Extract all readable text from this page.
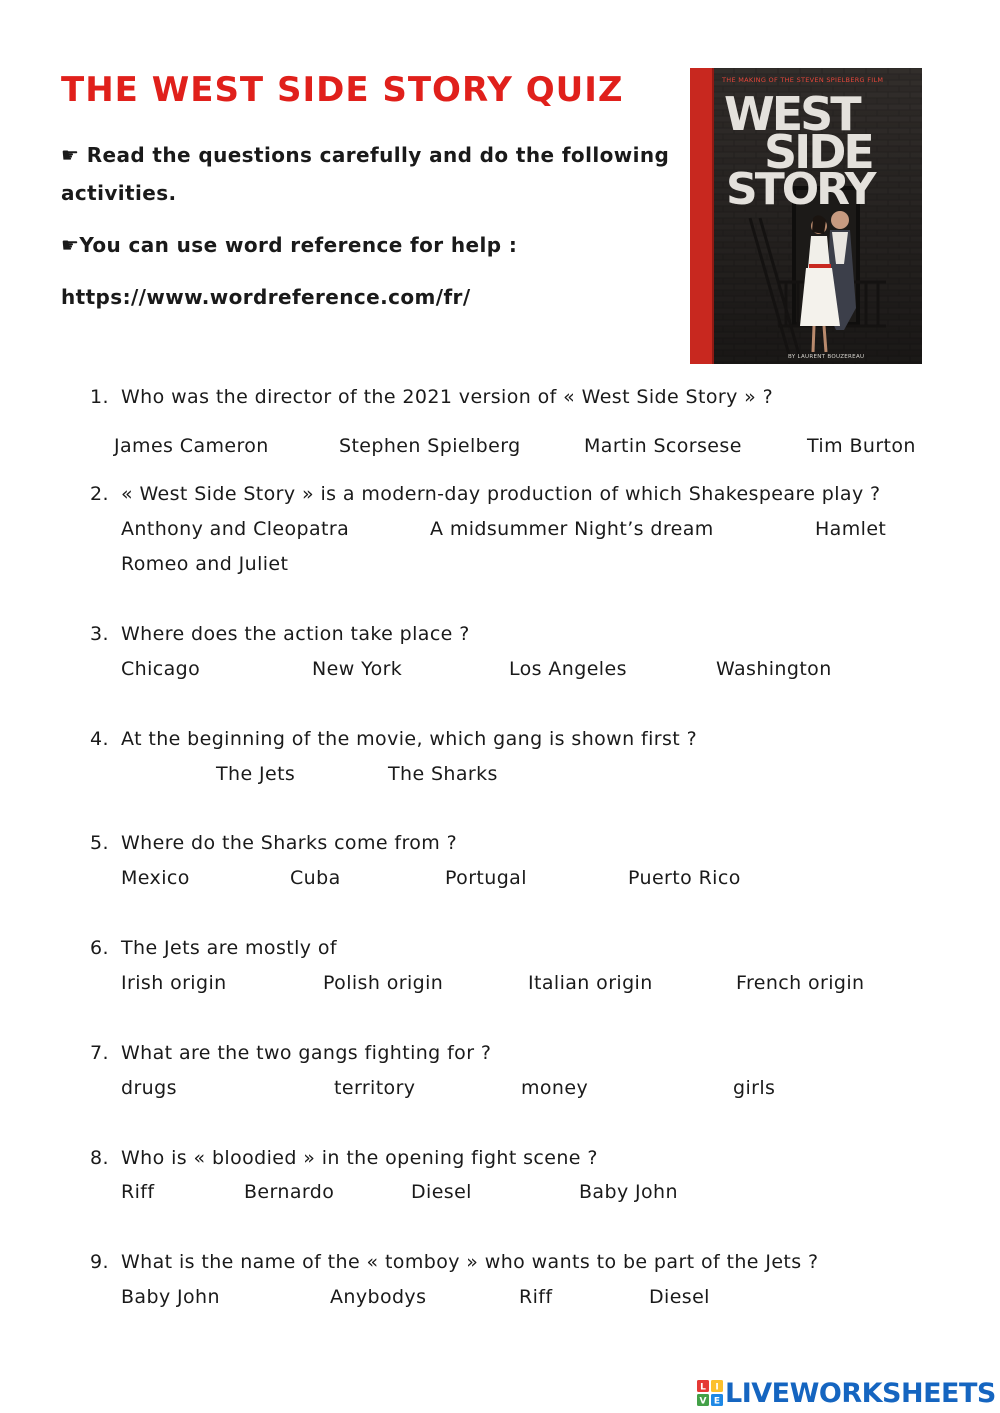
THE WEST SIDE STORY QUIZ
☛ Read the questions carefully and do the following
activities.
☛You can use word reference for help :
https://www.wordreference.com/fr/
THE MAKING OF THE STEVEN SPIELBERG FILM
WEST
SIDE
STORY
BY LAURENT BOUZEREAU
1. Who was the director of the 2021 version of « West Side Story » ?
James Cameron	Stephen Spielberg	Martin Scorsese	Tim Burton
2. « West Side Story » is a modern-day production of which Shakespeare play ?
Anthony and Cleopatra	A midsummer Night’s dream	Hamlet
Romeo and Juliet
3. Where does the action take place ?
Chicago	New York	Los Angeles	Washington
4. At the beginning of the movie, which gang is shown first ?
The Jets	The Sharks
5. Where do the Sharks come from ?
Mexico	Cuba	Portugal	Puerto Rico
6. The Jets are mostly of
Irish origin	Polish origin	Italian origin	French origin
7. What are the two gangs fighting for ?
drugs	territory	money	girls
8. Who is « bloodied » in the opening fight scene ?
Riff	Bernardo	Diesel	Baby John
9. What is the name of the « tomboy » who wants to be part of the Jets ?
Baby John	Anybodys	Riff	Diesel
L I
V E LIVEWORKSHEETS
